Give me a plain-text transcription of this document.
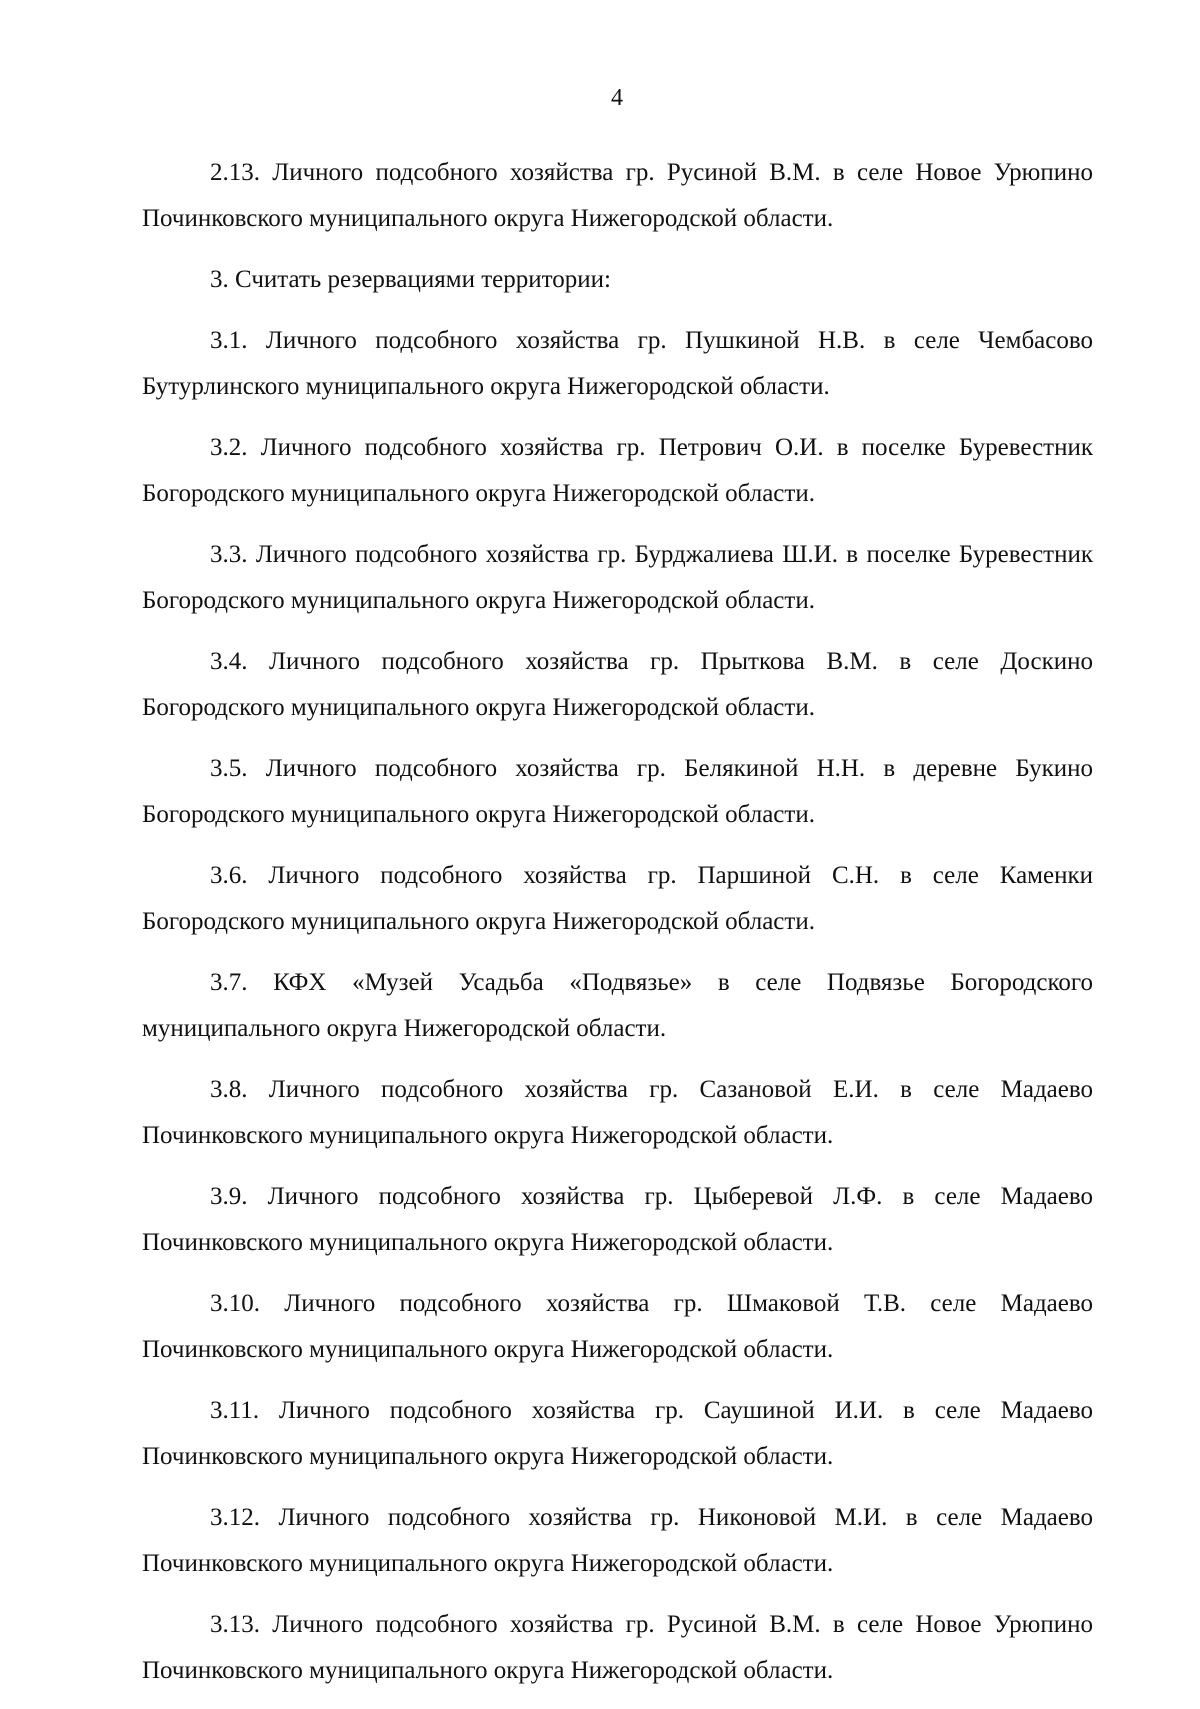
4

2.13. Личного подсобного хозяйства гр. Русиной В.М. в селе Новое Урюпино Починковского муниципального округа Нижегородской области.

3. Считать резервациями территории:

3.1. Личного подсобного хозяйства гр. Пушкиной Н.В. в селе Чембасово Бутурлинского муниципального округа Нижегородской области.

3.2. Личного подсобного хозяйства гр. Петрович О.И. в поселке Буревестник Богородского муниципального округа Нижегородской области.

3.3. Личного подсобного хозяйства гр. Бурджалиева Ш.И. в поселке Буревестник Богородского муниципального округа Нижегородской области.

3.4. Личного подсобного хозяйства гр. Прыткова В.М. в селе Доскино Богородского муниципального округа Нижегородской области.

3.5. Личного подсобного хозяйства гр. Белякиной Н.Н. в деревне Букино Богородского муниципального округа Нижегородской области.

3.6. Личного подсобного хозяйства гр. Паршиной С.Н. в селе Каменки Богородского муниципального округа Нижегородской области.

3.7. КФХ «Музей Усадьба «Подвязье» в селе Подвязье Богородского муниципального округа Нижегородской области.

3.8. Личного подсобного хозяйства гр. Сазановой Е.И. в селе Мадаево Починковского муниципального округа Нижегородской области.

3.9. Личного подсобного хозяйства гр. Цыберевой Л.Ф. в селе Мадаево Починковского муниципального округа Нижегородской области.

3.10. Личного подсобного хозяйства гр. Шмаковой Т.В. селе Мадаево Починковского муниципального округа Нижегородской области.

3.11. Личного подсобного хозяйства гр. Саушиной И.И. в селе Мадаево Починковского муниципального округа Нижегородской области.

3.12. Личного подсобного хозяйства гр. Никоновой М.И. в селе Мадаево Починковского муниципального округа Нижегородской области.

3.13. Личного подсобного хозяйства гр. Русиной В.М. в селе Новое Урюпино Починковского муниципального округа Нижегородской области.
